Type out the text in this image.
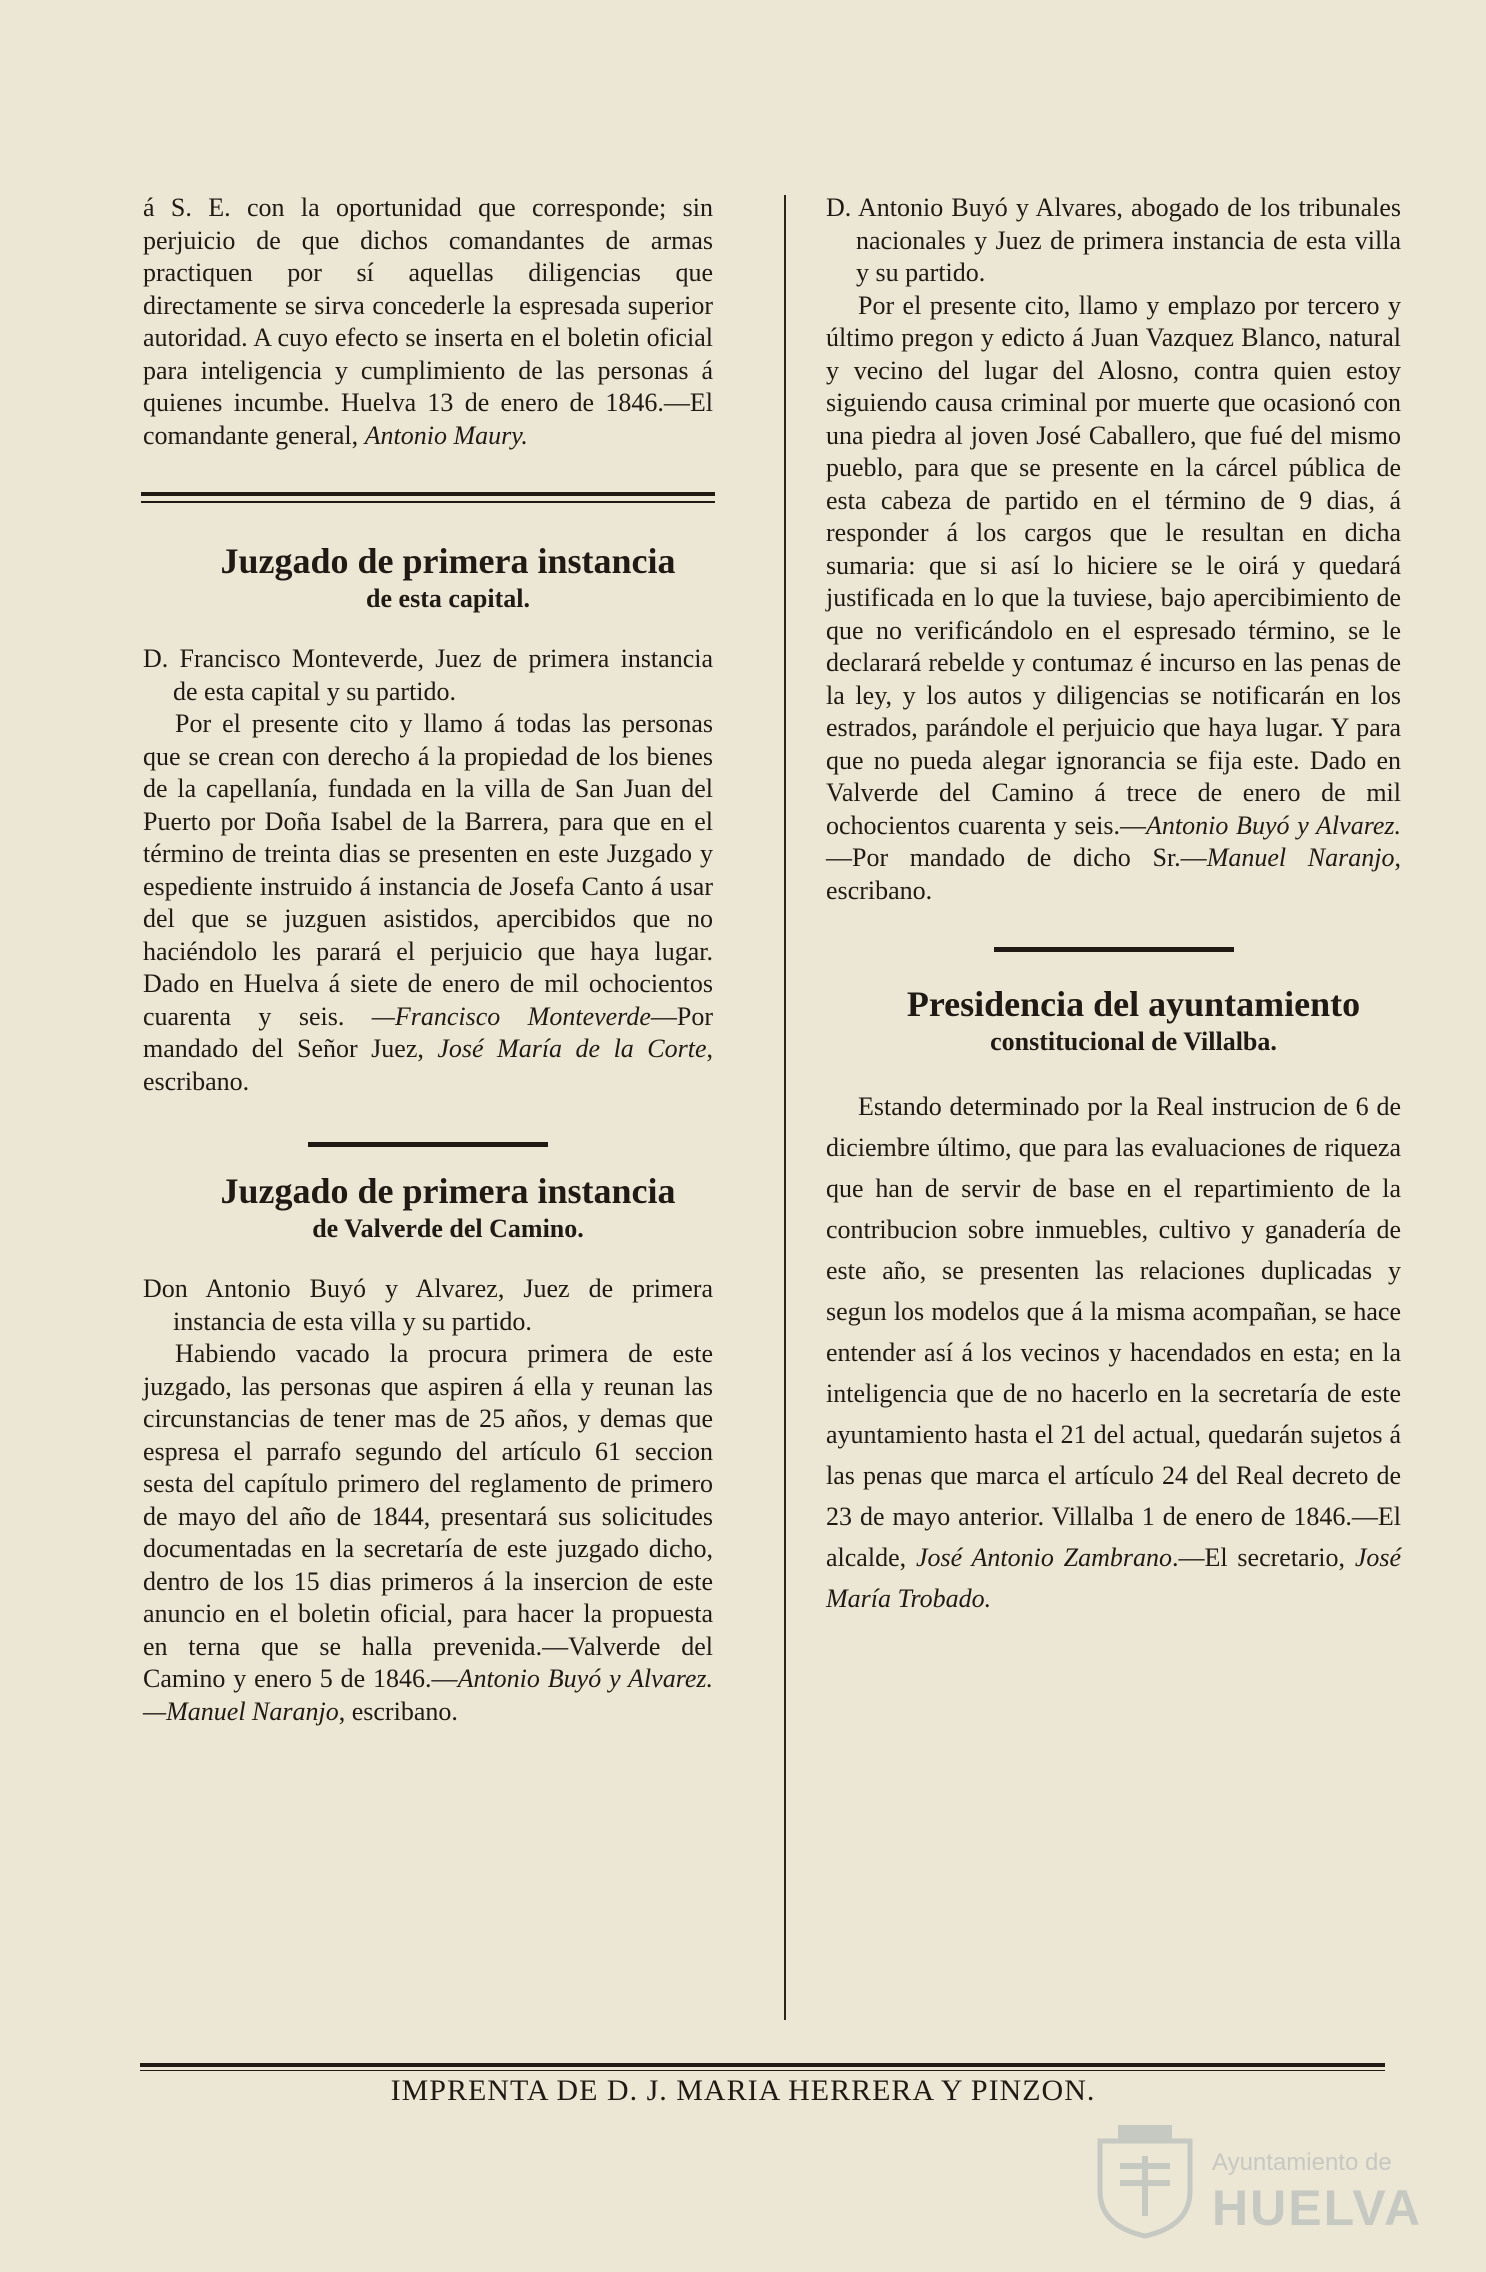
á S. E. con la oportunidad que corresponde; sin perjuicio de que dichos comandantes de armas practiquen por sí aquellas diligencias que directamente se sirva concederle la espresada superior autoridad. A cuyo efecto se inserta en el boletin oficial para inteligencia y cumplimiento de las personas á quienes incumbe. Huelva 13 de enero de 1846.—El comandante general, Antonio Maury.

Juzgado de primera instancia
de esta capital.

D. Francisco Monteverde, Juez de primera instancia de esta capital y su partido.

Por el presente cito y llamo á todas las personas que se crean con derecho á la propiedad de los bienes de la capellanía, fundada en la villa de San Juan del Puerto por Doña Isabel de la Barrera, para que en el término de treinta dias se presenten en este Juzgado y espediente instruido á instancia de Josefa Canto á usar del que se juzguen asistidos, apercibidos que no haciéndolo les parará el perjuicio que haya lugar. Dado en Huelva á siete de enero de mil ochocientos cuarenta y seis. —Francisco Monteverde—Por mandado del Señor Juez, José María de la Corte, escribano.

Juzgado de primera instancia
de Valverde del Camino.

Don Antonio Buyó y Alvarez, Juez de primera instancia de esta villa y su partido.

Habiendo vacado la procura primera de este juzgado, las personas que aspiren á ella y reunan las circunstancias de tener mas de 25 años, y demas que espresa el parrafo segundo del artículo 61 seccion sesta del capítulo primero del reglamento de primero de mayo del año de 1844, presentará sus solicitudes documentadas en la secretaría de este juzgado dicho, dentro de los 15 dias primeros á la insercion de este anuncio en el boletin oficial, para hacer la propuesta en terna que se halla prevenida.—Valverde del Camino y enero 5 de 1846.—Antonio Buyó y Alvarez.—Manuel Naranjo, escribano.

D. Antonio Buyó y Alvares, abogado de los tribunales nacionales y Juez de primera instancia de esta villa y su partido.

Por el presente cito, llamo y emplazo por tercero y último pregon y edicto á Juan Vazquez Blanco, natural y vecino del lugar del Alosno, contra quien estoy siguiendo causa criminal por muerte que ocasionó con una piedra al joven José Caballero, que fué del mismo pueblo, para que se presente en la cárcel pública de esta cabeza de partido en el término de 9 dias, á responder á los cargos que le resultan en dicha sumaria: que si así lo hiciere se le oirá y quedará justificada en lo que la tuviese, bajo apercibimiento de que no verificándolo en el espresado término, se le declarará rebelde y contumaz é incurso en las penas de la ley, y los autos y diligencias se notificarán en los estrados, parándole el perjuicio que haya lugar. Y para que no pueda alegar ignorancia se fija este. Dado en Valverde del Camino á trece de enero de mil ochocientos cuarenta y seis.—Antonio Buyó y Alvarez.—Por mandado de dicho Sr.—Manuel Naranjo, escribano.

Presidencia del ayuntamiento
constitucional de Villalba.

Estando determinado por la Real instrucion de 6 de diciembre último, que para las evaluaciones de riqueza que han de servir de base en el repartimiento de la contribucion sobre inmuebles, cultivo y ganadería de este año, se presenten las relaciones duplicadas y segun los modelos que á la misma acompañan, se hace entender así á los vecinos y hacendados en esta; en la inteligencia que de no hacerlo en la secretaría de este ayuntamiento hasta el 21 del actual, quedarán sujetos á las penas que marca el artículo 24 del Real decreto de 23 de mayo anterior. Villalba 1 de enero de 1846.—El alcalde, José Antonio Zambrano.—El secretario, José María Trobado.

IMPRENTA DE D. J. MARIA HERRERA Y PINZON.
Ayuntamiento de
HUELVA
